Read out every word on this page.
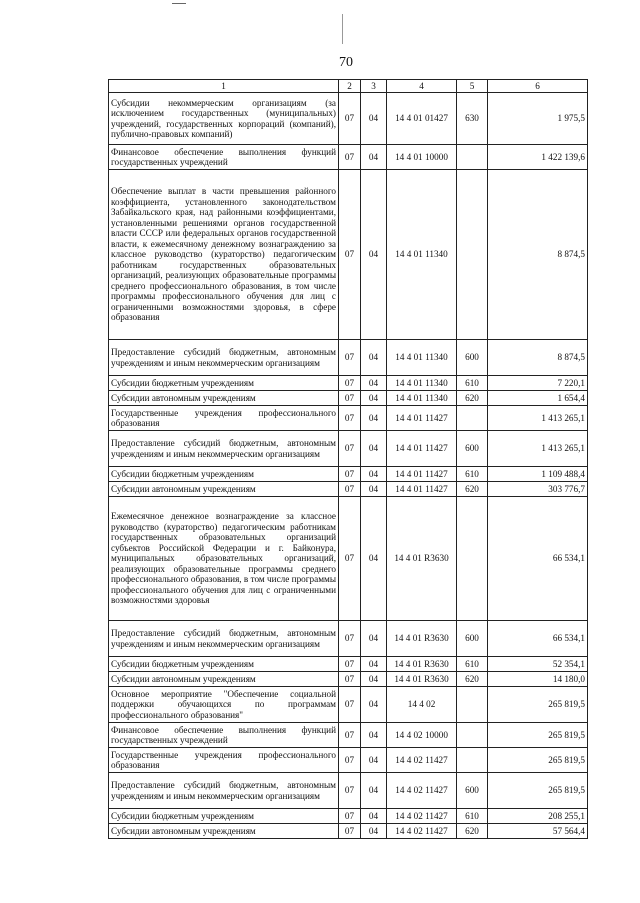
70
1	2	3	4	5	6
Субсидии некоммерческим организациям (за исключением государственных (муниципальных) учреждений, государственных корпораций (компаний), публично-правовых компаний)	07	04	14 4 01 01427	630	1 975,5
Финансовое обеспечение выполнения функций государственных учреждений	07	04	14 4 01 10000		1 422 139,6
Обеспечение выплат в части превышения районного коэффициента, установленного законодательством Забайкальского края, над районными коэффициентами, установленными решениями органов государственной власти СССР или федеральных органов государственной власти, к ежемесячному денежному вознаграждению за классное руководство (кураторство) педагогическим работникам государственных образовательных организаций, реализующих образовательные программы среднего профессионального образования, в том числе программы профессионального обучения для лиц с ограниченными возможностями здоровья, в сфере образования	07	04	14 4 01 11340		8 874,5
Предоставление субсидий бюджетным, автономным учреждениям и иным некоммерческим организациям	07	04	14 4 01 11340	600	8 874,5
Субсидии бюджетным учреждениям	07	04	14 4 01 11340	610	7 220,1
Субсидии автономным учреждениям	07	04	14 4 01 11340	620	1 654,4
Государственные учреждения профессионального образования	07	04	14 4 01 11427		1 413 265,1
Предоставление субсидий бюджетным, автономным учреждениям и иным некоммерческим организациям	07	04	14 4 01 11427	600	1 413 265,1
Субсидии бюджетным учреждениям	07	04	14 4 01 11427	610	1 109 488,4
Субсидии автономным учреждениям	07	04	14 4 01 11427	620	303 776,7
Ежемесячное денежное вознаграждение за классное руководство (кураторство) педагогическим работникам государственных образовательных организаций субъектов Российской Федерации и г. Байконура, муниципальных образовательных организаций, реализующих образовательные программы среднего профессионального образования, в том числе программы профессионального обучения для лиц с ограниченными возможностями здоровья	07	04	14 4 01 R3630		66 534,1
Предоставление субсидий бюджетным, автономным учреждениям и иным некоммерческим организациям	07	04	14 4 01 R3630	600	66 534,1
Субсидии бюджетным учреждениям	07	04	14 4 01 R3630	610	52 354,1
Субсидии автономным учреждениям	07	04	14 4 01 R3630	620	14 180,0
Основное мероприятие "Обеспечение социальной поддержки обучающихся по программам профессионального образования"	07	04	14 4 02		265 819,5
Финансовое обеспечение выполнения функций государственных учреждений	07	04	14 4 02 10000		265 819,5
Государственные учреждения профессионального образования	07	04	14 4 02 11427		265 819,5
Предоставление субсидий бюджетным, автономным учреждениям и иным некоммерческим организациям	07	04	14 4 02 11427	600	265 819,5
Субсидии бюджетным учреждениям	07	04	14 4 02 11427	610	208 255,1
Субсидии автономным учреждениям	07	04	14 4 02 11427	620	57 564,4
